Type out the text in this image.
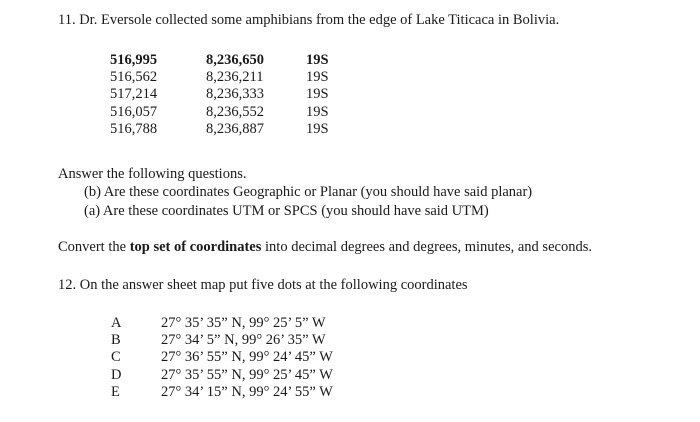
11. Dr. Eversole collected some amphibians from the edge of Lake Titicaca in Bolivia.
516,995	8,236,650	19S
516,562	8,236,211	19S
517,214	8,236,333	19S
516,057	8,236,552	19S
516,788	8,236,887	19S
Answer the following questions.
(b) Are these coordinates Geographic or Planar (you should have said planar)
(a) Are these coordinates UTM or SPCS (you should have said UTM)
Convert the top set of coordinates into decimal degrees and degrees, minutes, and seconds.
12. On the answer sheet map put five dots at the following coordinates
A	27° 35’ 35” N, 99° 25’ 5” W
B	27° 34’ 5” N, 99° 26’ 35” W
C	27° 36’ 55” N, 99° 24’ 45” W
D	27° 35’ 55” N, 99° 25’ 45” W
E	27° 34’ 15” N, 99° 24’ 55” W
